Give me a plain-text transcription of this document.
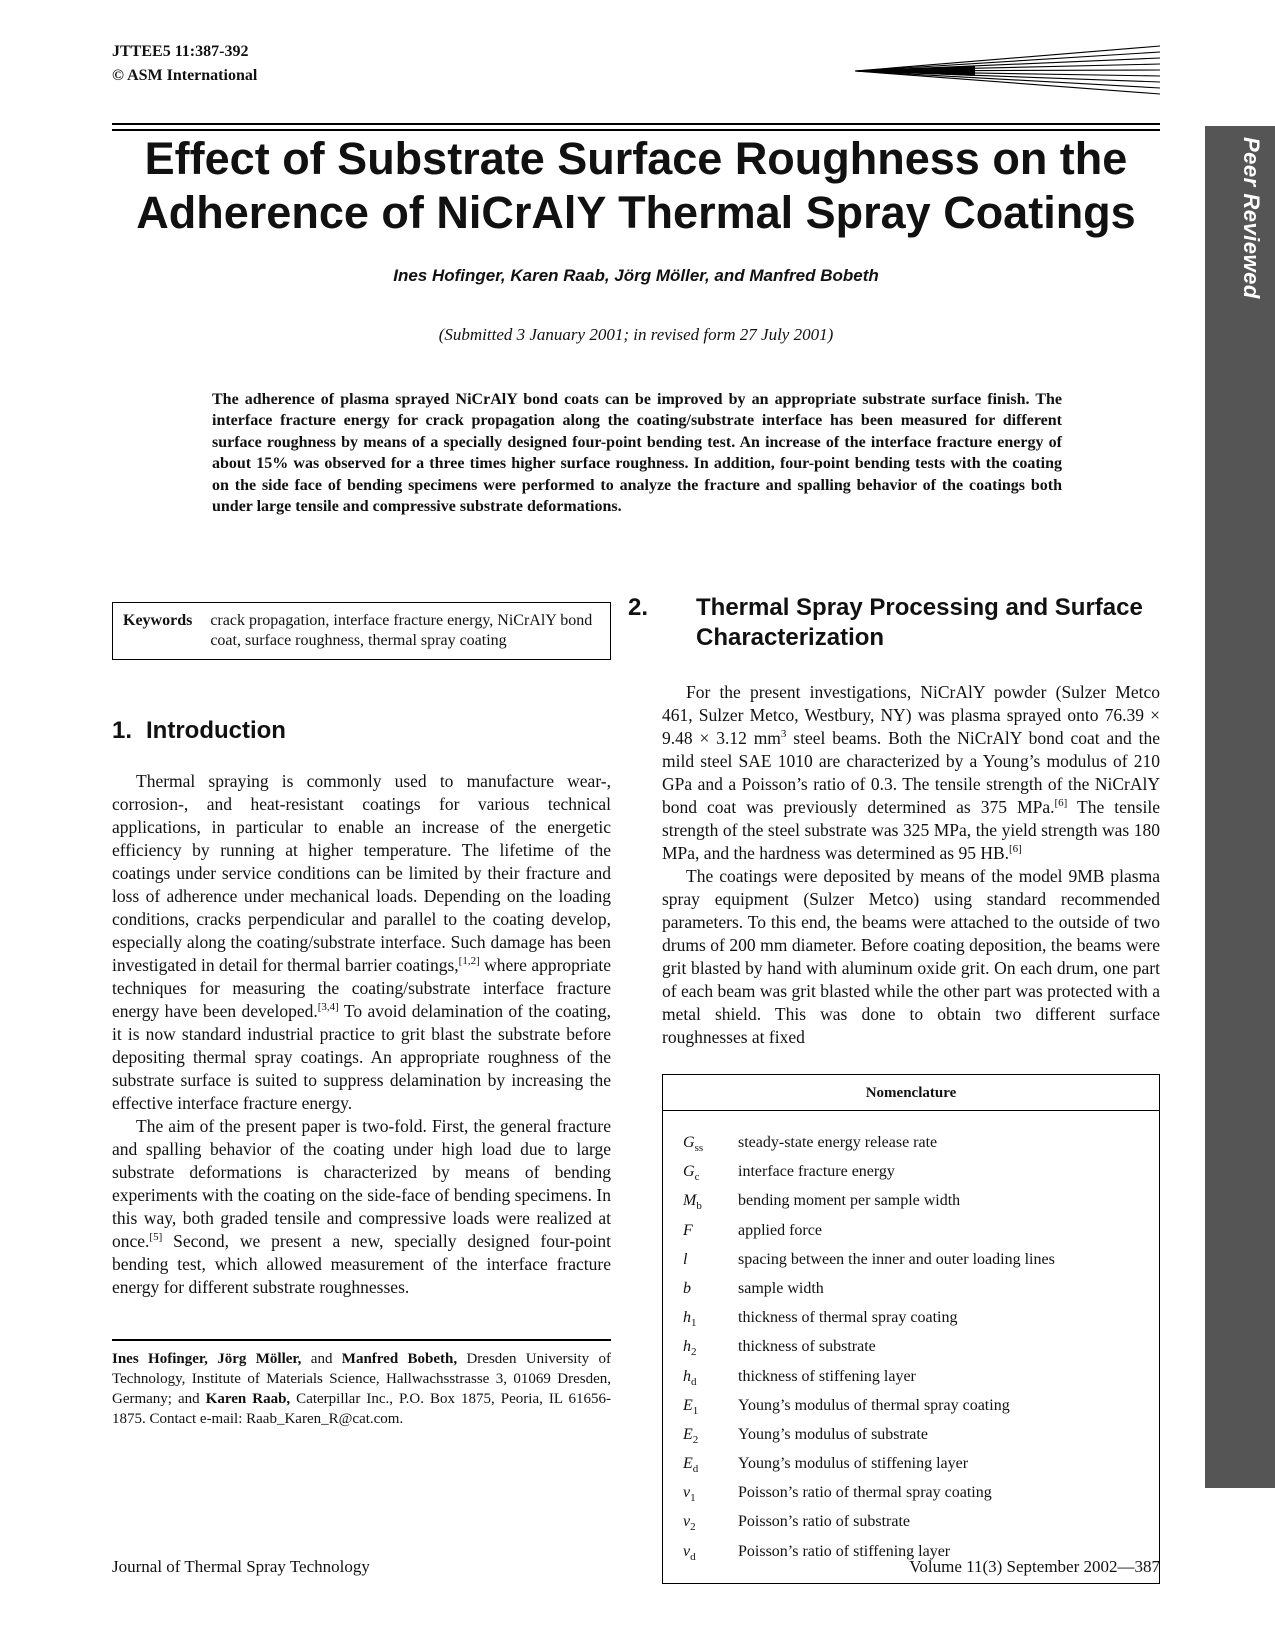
JTTEE5 11:387-392
© ASM International
Peer Reviewed
Effect of Substrate Surface Roughness on the
Adherence of NiCrAlY Thermal Spray Coatings
Ines Hofinger, Karen Raab, Jörg Möller, and Manfred Bobeth
(Submitted 3 January 2001; in revised form 27 July 2001)

The adherence of plasma sprayed NiCrAlY bond coats can be improved by an appropriate substrate surface finish. The interface fracture energy for crack propagation along the coating/substrate interface has been measured for different surface roughness by means of a specially designed four-point bending test. An increase of the interface fracture energy of about 15% was observed for a three times higher surface roughness. In addition, four-point bending tests with the coating on the side face of bending specimens were performed to analyze the fracture and spalling behavior of the coatings both under large tensile and compressive substrate deformations.

Keywords crack propagation, interface fracture energy, NiCrAlY bond coat, surface roughness, thermal spray coating
1. Introduction

Thermal spraying is commonly used to manufacture wear-, corrosion-, and heat-resistant coatings for various technical applications, in particular to enable an increase of the energetic efficiency by running at higher temperature. The lifetime of the coatings under service conditions can be limited by their fracture and loss of adherence under mechanical loads. Depending on the loading conditions, cracks perpendicular and parallel to the coating develop, especially along the coating/substrate interface. Such damage has been investigated in detail for thermal barrier coatings,[1,2] where appropriate techniques for measuring the coating/substrate interface fracture energy have been developed.[3,4] To avoid delamination of the coating, it is now standard industrial practice to grit blast the substrate before depositing thermal spray coatings. An appropriate roughness of the substrate surface is suited to suppress delamination by increasing the effective interface fracture energy.

The aim of the present paper is two-fold. First, the general fracture and spalling behavior of the coating under high load due to large substrate deformations is characterized by means of bending experiments with the coating on the side-face of bending specimens. In this way, both graded tensile and compressive loads were realized at once.[5] Second, we present a new, specially designed four-point bending test, which allowed measurement of the interface fracture energy for different substrate roughnesses.

Ines Hofinger, Jörg Möller, and Manfred Bobeth, Dresden University of Technology, Institute of Materials Science, Hallwachsstrasse 3, 01069 Dresden, Germany; and Karen Raab, Caterpillar Inc., P.O. Box 1875, Peoria, IL 61656-1875. Contact e-mail: Raab_Karen_R@cat.com.

2. Thermal Spray Processing and Surface Characterization

For the present investigations, NiCrAlY powder (Sulzer Metco 461, Sulzer Metco, Westbury, NY) was plasma sprayed onto 76.39 × 9.48 × 3.12 $mm^3$ steel beams. Both the NiCrAlY bond coat and the mild steel SAE 1010 are characterized by a Young’s modulus of 210 GPa and a Poisson’s ratio of 0.3. The tensile strength of the NiCrAlY bond coat was previously determined as 375 MPa.[6] The tensile strength of the steel substrate was 325 MPa, the yield strength was 180 MPa, and the hardness was determined as 95 HB.[6]

The coatings were deposited by means of the model 9MB plasma spray equipment (Sulzer Metco) using standard recommended parameters. To this end, the beams were attached to the outside of two drums of 200 mm diameter. Before coating deposition, the beams were grit blasted by hand with aluminum oxide grit. On each drum, one part of each beam was grit blasted while the other part was protected with a metal shield. This was done to obtain two different surface roughnesses at fixed

Nomenclature
$G_{ss}$	steady-state energy release rate
$G_c$	interface fracture energy
$M_b$	bending moment per sample width
F	applied force
l	spacing between the inner and outer loading lines
b	sample width
$h_1$	thickness of thermal spray coating
$h_2$	thickness of substrate
$h_d$	thickness of stiffening layer
$E_1$	Young’s modulus of thermal spray coating
$E_2$	Young’s modulus of substrate
$E_d$	Young’s modulus of stiffening layer
$\nu_1$	Poisson’s ratio of thermal spray coating
$\nu_2$	Poisson’s ratio of substrate
$\nu_d$	Poisson’s ratio of stiffening layer
Journal of Thermal Spray Technology	Volume 11(3) September 2002—387
